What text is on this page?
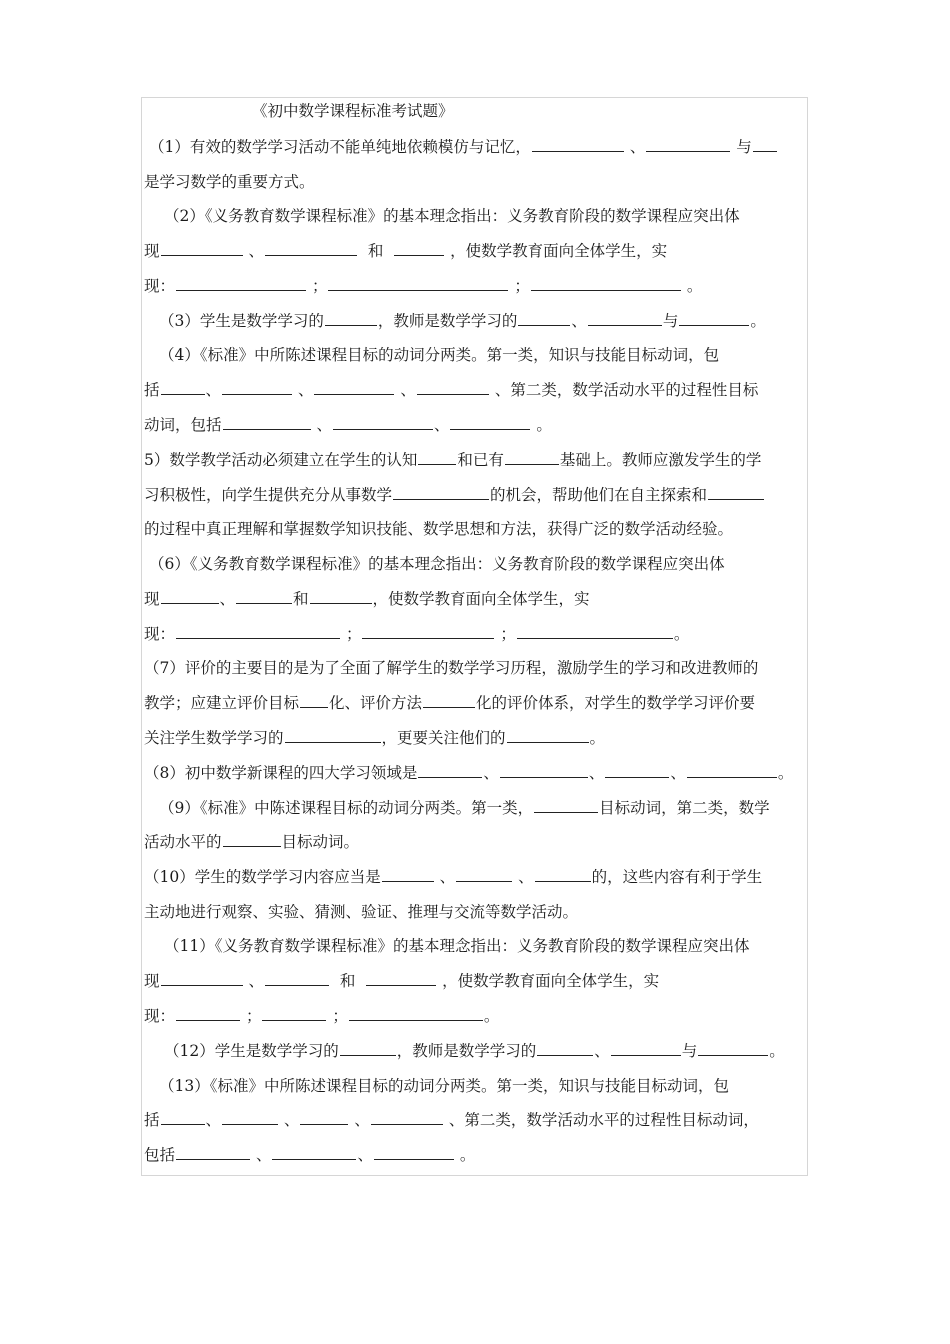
《初中数学课程标准考试题》
（1）有效的数学学习活动不能单纯地依赖模仿与记忆，	、	与
是学习数学的重要方式。
（2）《义务教育数学课程标准》的基本理念指出：义务教育阶段的数学课程应突出体
现	、	和	，使数学教育面向全体学生，实
现：	；	；	。
（3）学生是数学学习的	，教师是数学学习的	、	与	。
（4）《标准》中所陈述课程目标的动词分两类。第一类，知识与技能目标动词，包
括	、	、	、	、第二类，数学活动水平的过程性目标
动词，包括	、	、	。
5）数学教学活动必须建立在学生的认知	和已有	基础上。教师应激发学生的学
习积极性，向学生提供充分从事数学	的机会，帮助他们在自主探索和
的过程中真正理解和掌握数学知识技能、数学思想和方法，获得广泛的数学活动经验。
（6）《义务教育数学课程标准》的基本理念指出：义务教育阶段的数学课程应突出体
现	、	和	，使数学教育面向全体学生，实
现：	；	；	。
（7）评价的主要目的是为了全面了解学生的数学学习历程，激励学生的学习和改进教师的
教学；应建立评价目标 化、评价方法	化的评价体系，对学生的数学学习评价要
关注学生数学学习的	，更要关注他们的	。
（8）初中数学新课程的四大学习领域是	、	、	、	。
（9）《标准》中陈述课程目标的动词分两类。第一类，	目标动词，第二类，数学
活动水平的	目标动词。
（10）学生的数学学习内容应当是	、	、	的，这些内容有利于学生
主动地进行观察、实验、猜测、验证、推理与交流等数学活动。
（11）《义务教育数学课程标准》的基本理念指出：义务教育阶段的数学课程应突出体
现	、	和	，使数学教育面向全体学生，实
现：	；	；	。
（12）学生是数学学习的	，教师是数学学习的	、	与	。
（13）《标准》中所陈述课程目标的动词分两类。第一类，知识与技能目标动词，包
括	、	、	、	、第二类，数学活动水平的过程性目标动词，
包括	、	、	。
